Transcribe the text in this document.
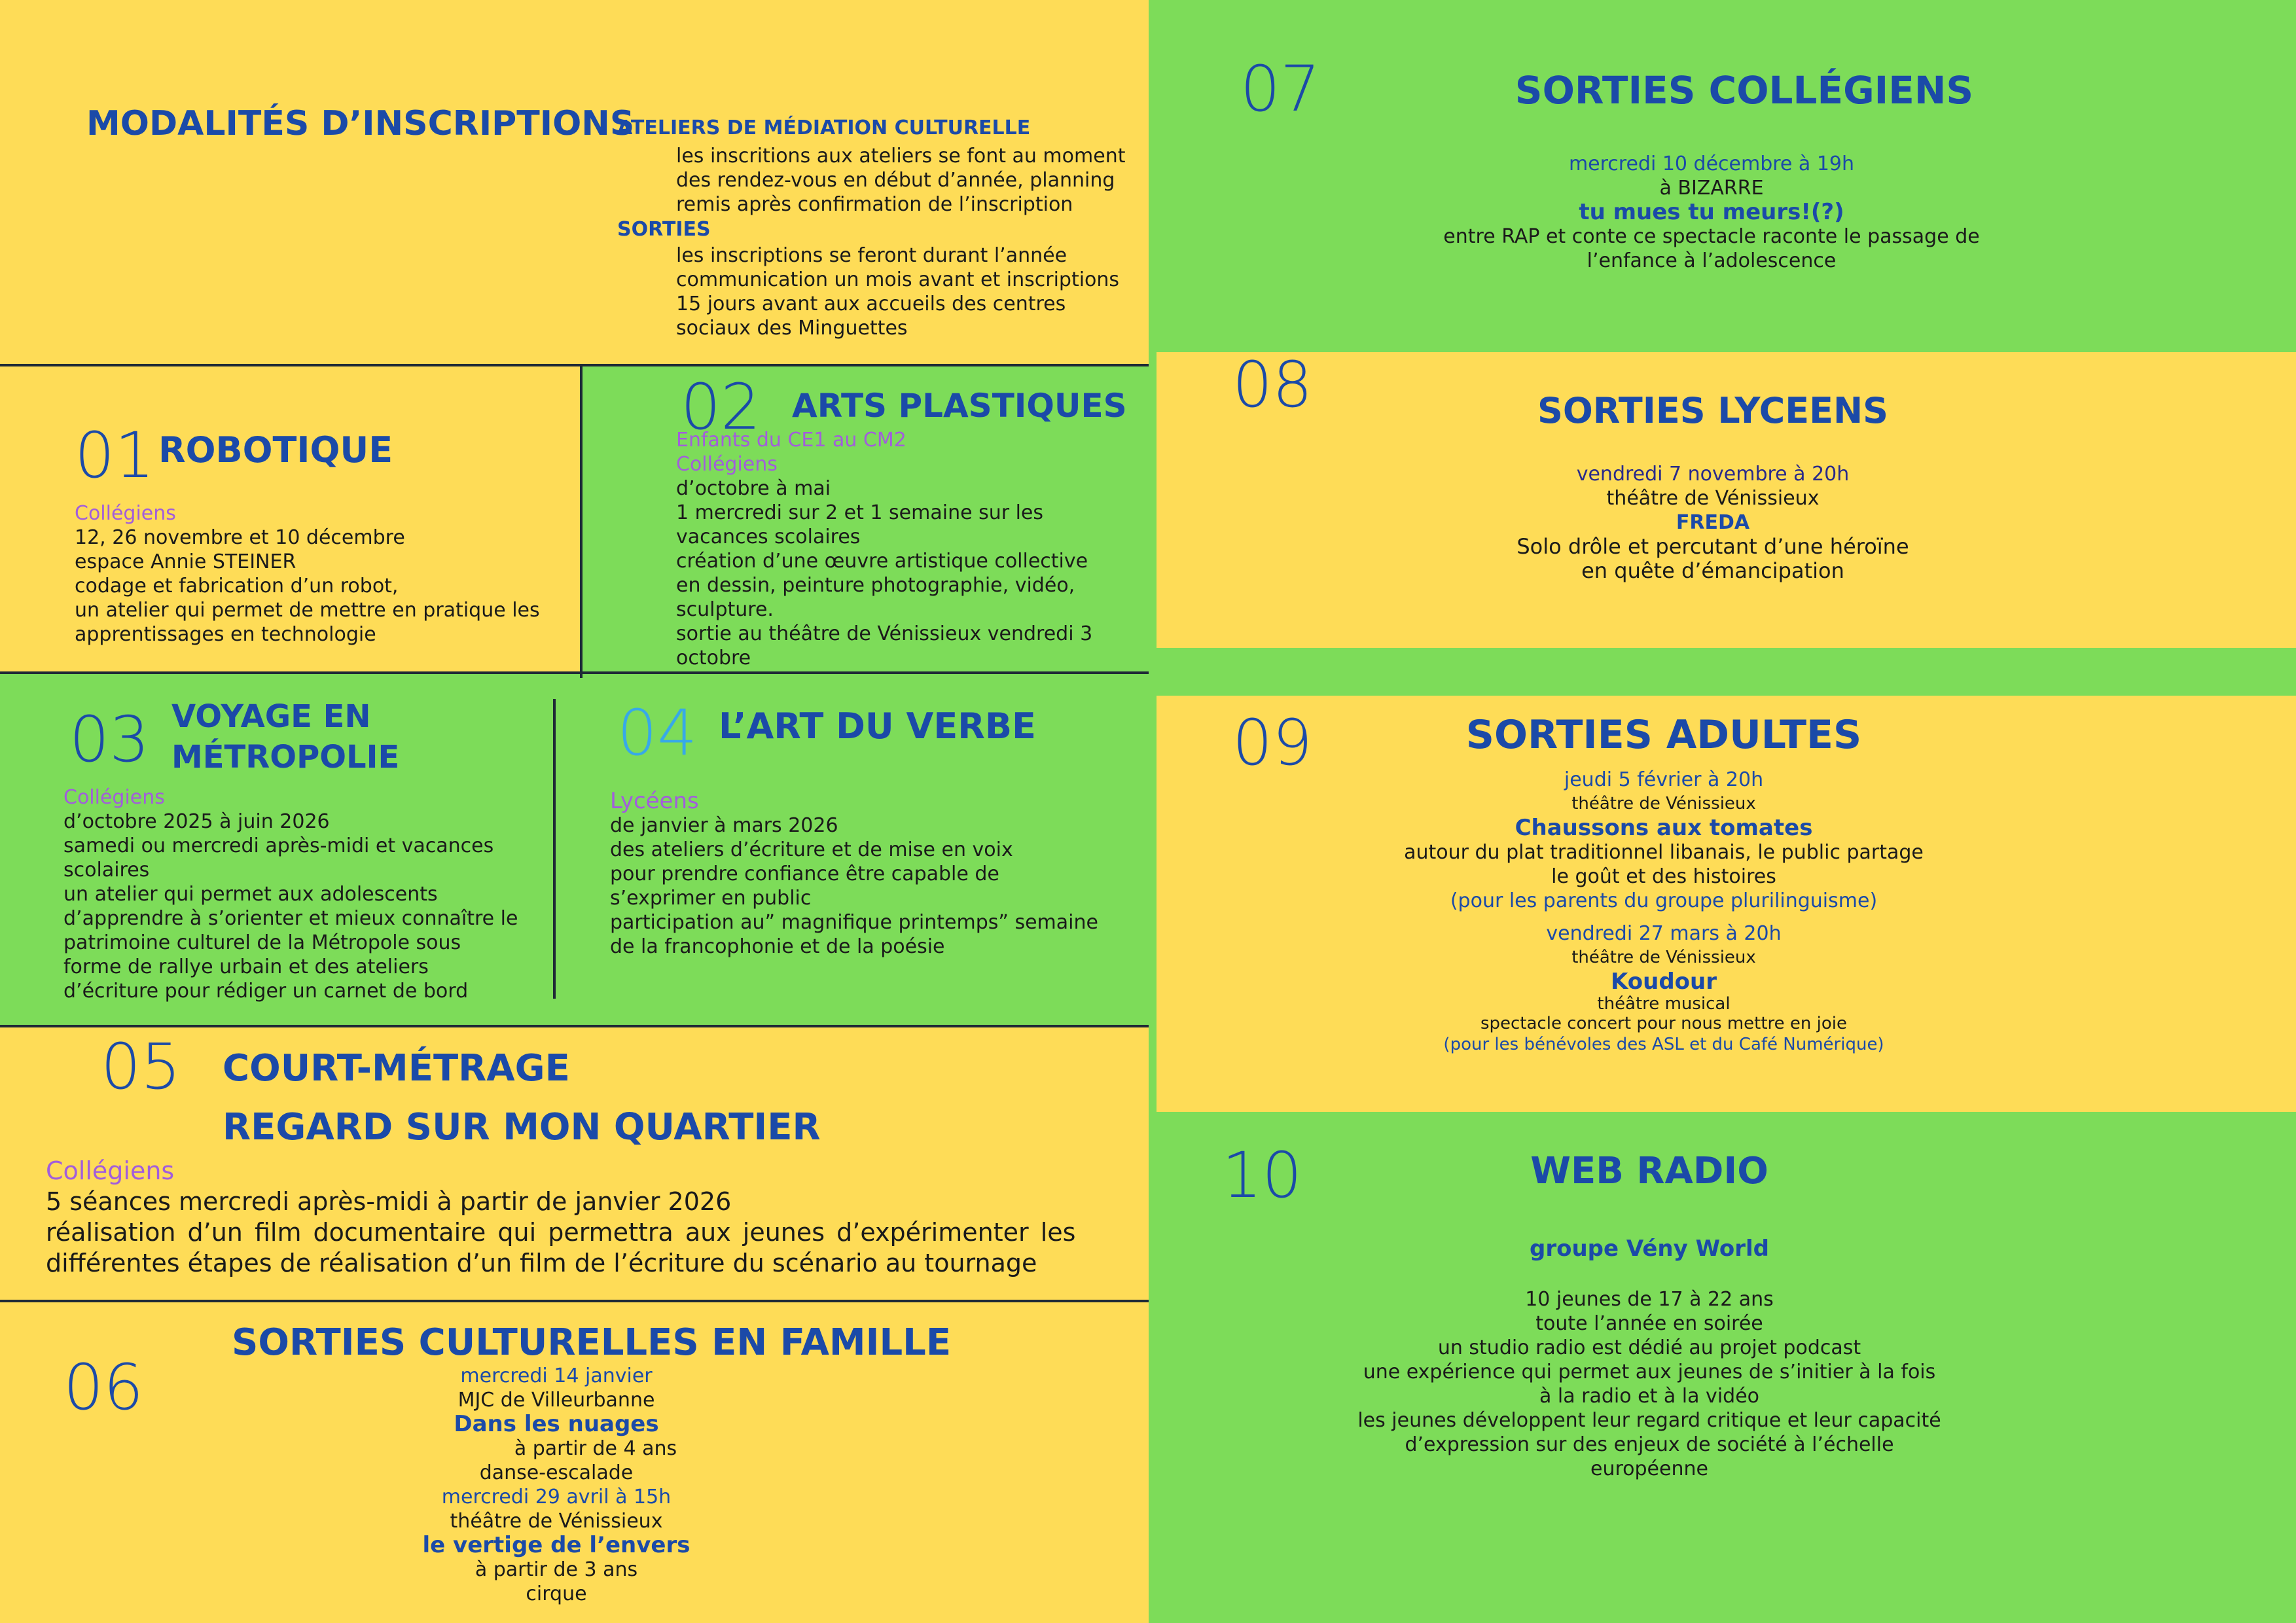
MODALITÉS D’INSCRIPTIONS
ATELIERS DE MÉDIATION CULTURELLE
les inscritions aux ateliers se font au moment
des rendez-vous en début d’année, planning
remis après confirmation de l’inscription
SORTIES
les inscriptions se feront durant l’année
communication un mois avant et inscriptions
15 jours avant aux accueils des centres
sociaux des Minguettes
01 ROBOTIQUE
Collégiens
12, 26 novembre et 10 décembre
espace Annie STEINER
codage et fabrication d’un robot,
un atelier qui permet de mettre en pratique les
apprentissages en technologie
02 ARTS PLASTIQUES
Enfants du CE1 au CM2
Collégiens
d’octobre à mai
1 mercredi sur 2 et 1 semaine sur les
vacances scolaires
création d’une œuvre artistique collective
en dessin, peinture photographie, vidéo,
sculpture.
sortie au théâtre de Vénissieux vendredi 3
octobre
03 VOYAGE EN
MÉTROPOLIE
Collégiens
d’octobre 2025 à juin 2026
samedi ou mercredi après-midi et vacances
scolaires
un atelier qui permet aux adolescents
d’apprendre à s’orienter et mieux connaître le
patrimoine culturel de la Métropole sous
forme de rallye urbain et des ateliers
d’écriture pour rédiger un carnet de bord
04 L’ART DU VERBE
Lycéens
de janvier à mars 2026
des ateliers d’écriture et de mise en voix
pour prendre confiance être capable de
s’exprimer en public
participation au” magnifique printemps” semaine
de la francophonie et de la poésie
05 COURT-MÉTRAGE
REGARD SUR MON QUARTIER
Collégiens
5 séances mercredi après-midi à partir de janvier 2026
réalisation d’un film documentaire qui permettra aux jeunes d’expérimenter les
différentes étapes de réalisation d’un film de l’écriture du scénario au tournage
06
SORTIES CULTURELLES EN FAMILLE
mercredi 14 janvier
MJC de Villeurbanne
Dans les nuages
à partir de 4 ans
danse-escalade
mercredi 29 avril à 15h
théâtre de Vénissieux
le vertige de l’envers
à partir de 3 ans
cirque
07	SORTIES COLLÉGIENS
mercredi 10 décembre à 19h
à BIZARRE
tu mues tu meurs!(?)
entre RAP et conte ce spectacle raconte le passage de
l’enfance à l’adolescence
08	SORTIES LYCEENS
vendredi 7 novembre à 20h
théâtre de Vénissieux
FREDA
Solo drôle et percutant d’une héroïne
en quête d’émancipation
09	SORTIES ADULTES
jeudi 5 février à 20h
théâtre de Vénissieux
Chaussons aux tomates
autour du plat traditionnel libanais, le public partage
le goût et des histoires
(pour les parents du groupe plurilinguisme)
vendredi 27 mars à 20h
théâtre de Vénissieux
Koudour
théâtre musical
spectacle concert pour nous mettre en joie
(pour les bénévoles des ASL et du Café Numérique)
10	WEB RADIO
groupe Vény World
10 jeunes de 17 à 22 ans
toute l’année en soirée
un studio radio est dédié au projet podcast
une expérience qui permet aux jeunes de s’initier à la fois
à la radio et à la vidéo
les jeunes développent leur regard critique et leur capacité
d’expression sur des enjeux de société à l’échelle
européenne
